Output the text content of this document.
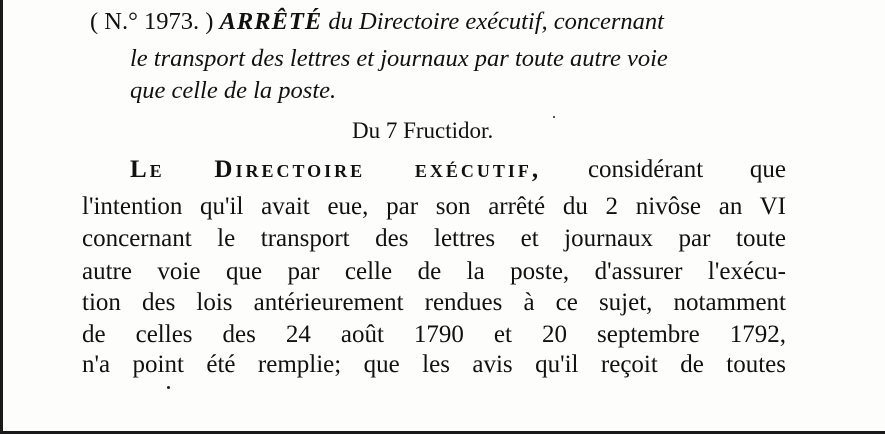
( N.° 1973. ) ARRÊTÉ du Directoire exécutif, concernant
le transport des lettres et journaux par toute autre voie
que celle de la poste.
Du 7 Fructidor.
Le Directoire exécutif, considérant que
l'intention qu'il avait eue, par son arrêté du 2 nivôse an VI
concernant le transport des lettres et journaux par toute
autre voie que par celle de la poste, d'assurer l'exécu-
tion des lois antérieurement rendues à ce sujet, notamment
de celles des 24 août 1790 et 20 septembre 1792,
n'a point été remplie; que les avis qu'il reçoit de toutes
